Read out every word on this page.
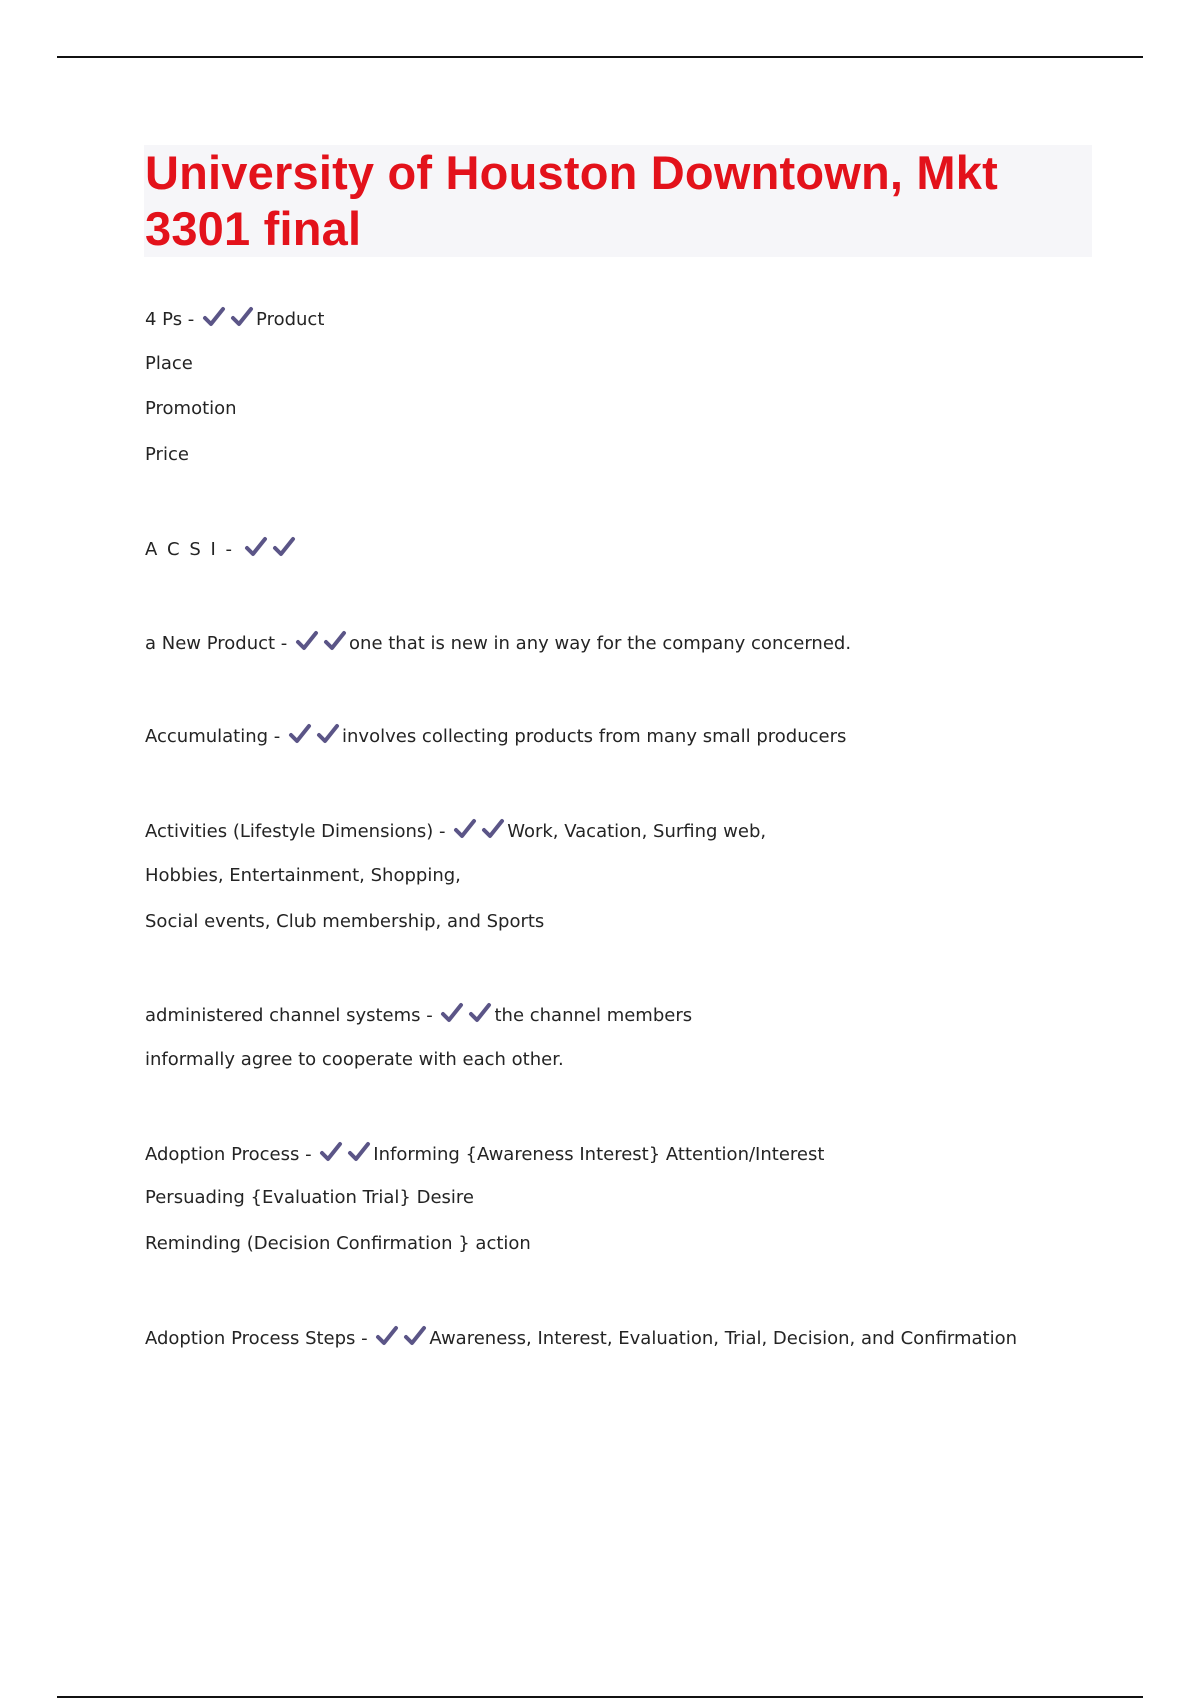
University of Houston Downtown, Mkt 3301 final
4 Ps -	Product
Place
Promotion
Price
A C S I -
a New Product -	one that is new in any way for the company concerned.
Accumulating -	involves collecting products from many small producers
Activities (Lifestyle Dimensions) -	Work, Vacation, Surfing web,
Hobbies, Entertainment, Shopping,
Social events, Club membership, and Sports
administered channel systems -	the channel members
informally agree to cooperate with each other.
Adoption Process -	Informing {Awareness Interest} Attention/Interest
Persuading {Evaluation Trial} Desire
Reminding (Decision Confirmation } action
Adoption Process Steps -	Awareness, Interest, Evaluation, Trial, Decision, and Confirmation
